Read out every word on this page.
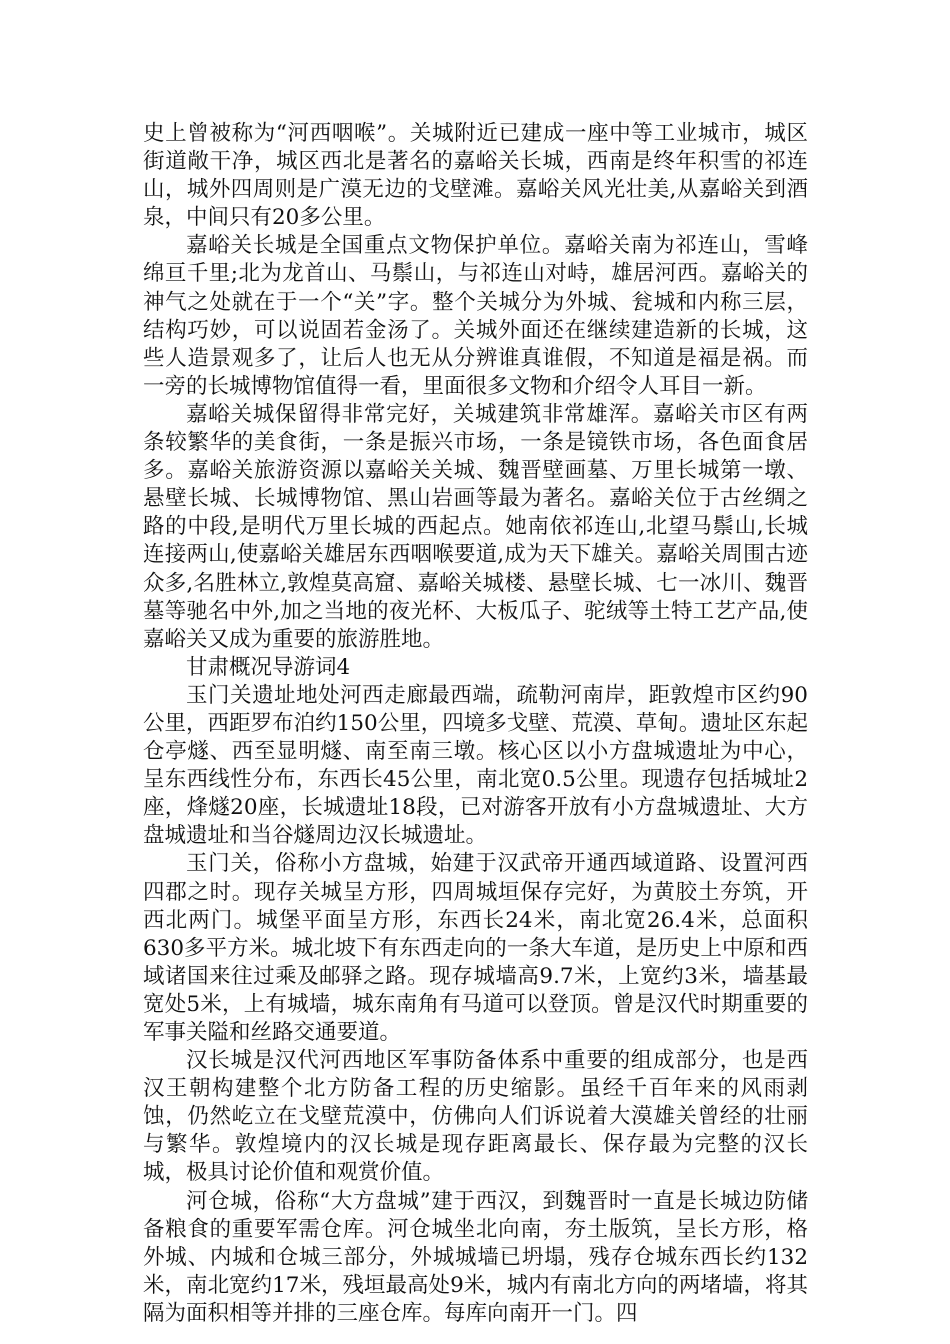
史上曾被称为“河西咽喉”。关城附近已建成一座中等工业城市，城区街道敞干净，城区西北是著名的嘉峪关长城，西南是终年积雪的祁连山，城外四周则是广漠无边的戈壁滩。嘉峪关风光壮美,从嘉峪关到酒泉，中间只有20多公里。

嘉峪关长城是全国重点文物保护单位。嘉峪关南为祁连山，雪峰绵亘千里;北为龙首山、马鬃山，与祁连山对峙，雄居河西。嘉峪关的神气之处就在于一个“关”字。整个关城分为外城、瓮城和内称三层，结构巧妙，可以说固若金汤了。关城外面还在继续建造新的长城，这些人造景观多了，让后人也无从分辨谁真谁假，不知道是福是祸。而一旁的长城博物馆值得一看，里面很多文物和介绍令人耳目一新。

嘉峪关城保留得非常完好，关城建筑非常雄浑。嘉峪关市区有两条较繁华的美食街，一条是振兴市场，一条是镜铁市场，各色面食居多。嘉峪关旅游资源以嘉峪关关城、魏晋壁画墓、万里长城第一墩、悬壁长城、长城博物馆、黑山岩画等最为著名。嘉峪关位于古丝绸之路的中段,是明代万里长城的西起点。她南依祁连山,北望马鬃山,长城连接两山,使嘉峪关雄居东西咽喉要道,成为天下雄关。嘉峪关周围古迹众多,名胜林立,敦煌莫高窟、嘉峪关城楼、悬壁长城、七一冰川、魏晋墓等驰名中外,加之当地的夜光杯、大板瓜子、驼绒等土特工艺产品,使嘉峪关又成为重要的旅游胜地。

甘肃概况导游词4

玉门关遗址地处河西走廊最西端，疏勒河南岸，距敦煌市区约90公里，西距罗布泊约150公里，四境多戈壁、荒漠、草甸。遗址区东起仓亭燧、西至显明燧、南至南三墩。核心区以小方盘城遗址为中心，呈东西线性分布，东西长45公里，南北宽0.5公里。现遗存包括城址2座，烽燧20座，长城遗址18段，已对游客开放有小方盘城遗址、大方盘城遗址和当谷燧周边汉长城遗址。

玉门关，俗称小方盘城，始建于汉武帝开通西域道路、设置河西四郡之时。现存关城呈方形，四周城垣保存完好，为黄胶土夯筑，开西北两门。城堡平面呈方形，东西长24米，南北宽26.4米，总面积630多平方米。城北坡下有东西走向的一条大车道，是历史上中原和西域诸国来往过乘及邮驿之路。现存城墙高9.7米，上宽约3米，墙基最宽处5米，上有城墙，城东南角有马道可以登顶。曾是汉代时期重要的军事关隘和丝路交通要道。

汉长城是汉代河西地区军事防备体系中重要的组成部分，也是西汉王朝构建整个北方防备工程的历史缩影。虽经千百年来的风雨剥蚀，仍然屹立在戈壁荒漠中，仿佛向人们诉说着大漠雄关曾经的壮丽与繁华。敦煌境内的汉长城是现存距离最长、保存最为完整的汉长城，极具讨论价值和观赏价值。

河仓城，俗称“大方盘城”建于西汉，到魏晋时一直是长城边防储备粮食的重要军需仓库。河仓城坐北向南，夯土版筑，呈长方形，格外城、内城和仓城三部分，外城城墙已坍塌，残存仓城东西长约132米，南北宽约17米，残垣最高处9米，城内有南北方向的两堵墙，将其隔为面积相等并排的三座仓库。每库向南开一门。四
